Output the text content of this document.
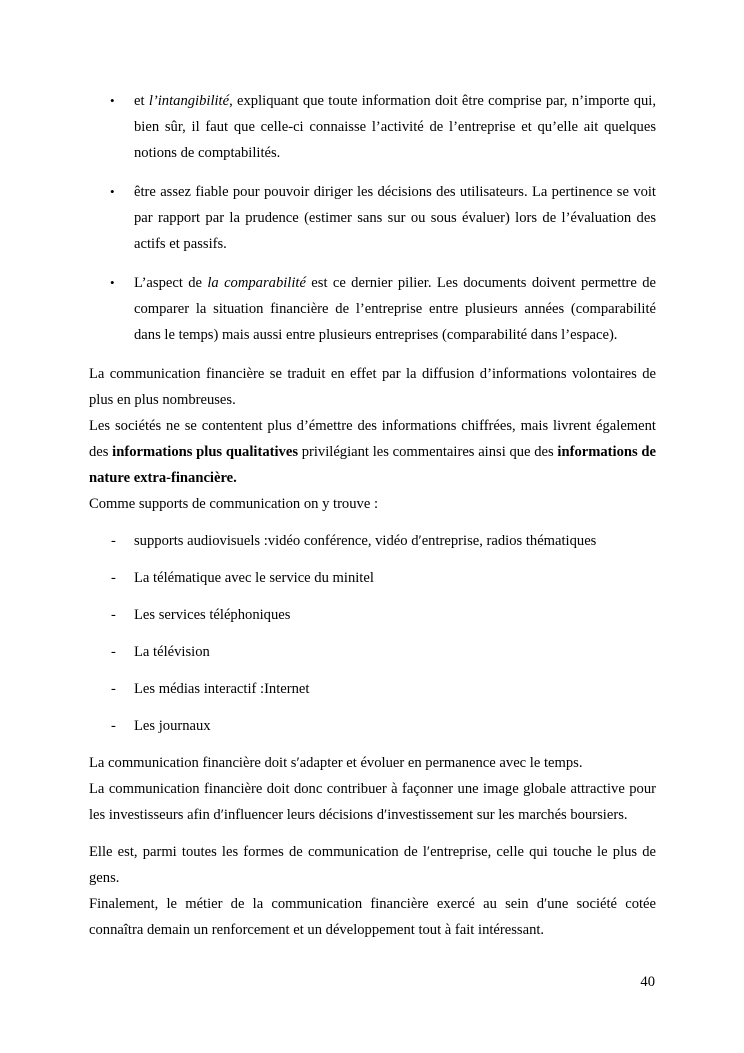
• et l’intangibilité, expliquant que toute information doit être comprise par, n’importe qui, bien sûr, il faut que celle-ci connaisse l’activité de l’entreprise et qu’elle ait quelques notions de comptabilités.
• être assez fiable pour pouvoir diriger les décisions des utilisateurs. La pertinence se voit par rapport par la prudence (estimer sans sur ou sous évaluer) lors de l’évaluation des actifs et passifs.
• L’aspect de la comparabilité est ce dernier pilier. Les documents doivent permettre de comparer la situation financière de l’entreprise entre plusieurs années (comparabilité dans le temps) mais aussi entre plusieurs entreprises (comparabilité dans l’espace).

La communication financière se traduit en effet par la diffusion d’informations volontaires de plus en plus nombreuses.

Les sociétés ne se contentent plus d’émettre des informations chiffrées, mais livrent également des informations plus qualitatives privilégiant les commentaires ainsi que des informations de nature extra-financière.

Comme supports de communication on y trouve :

- supports audiovisuels :vidéo conférence, vidéo d′entreprise, radios thématiques
- La télématique avec le service du minitel
- Les services téléphoniques
- La télévision
- Les médias interactif :Internet
- Les journaux

La communication financière doit s′adapter et évoluer en permanence avec le temps.
La communication financière doit donc contribuer à façonner une image globale attractive pour les investisseurs afin d′influencer leurs décisions d′investissement sur les marchés boursiers.

Elle est, parmi toutes les formes de communication de l′entreprise, celle qui touche le plus de gens.
Finalement, le métier de la communication financière exercé au sein d′une société cotée connaîtra demain un renforcement et un développement tout à fait intéressant.

40
